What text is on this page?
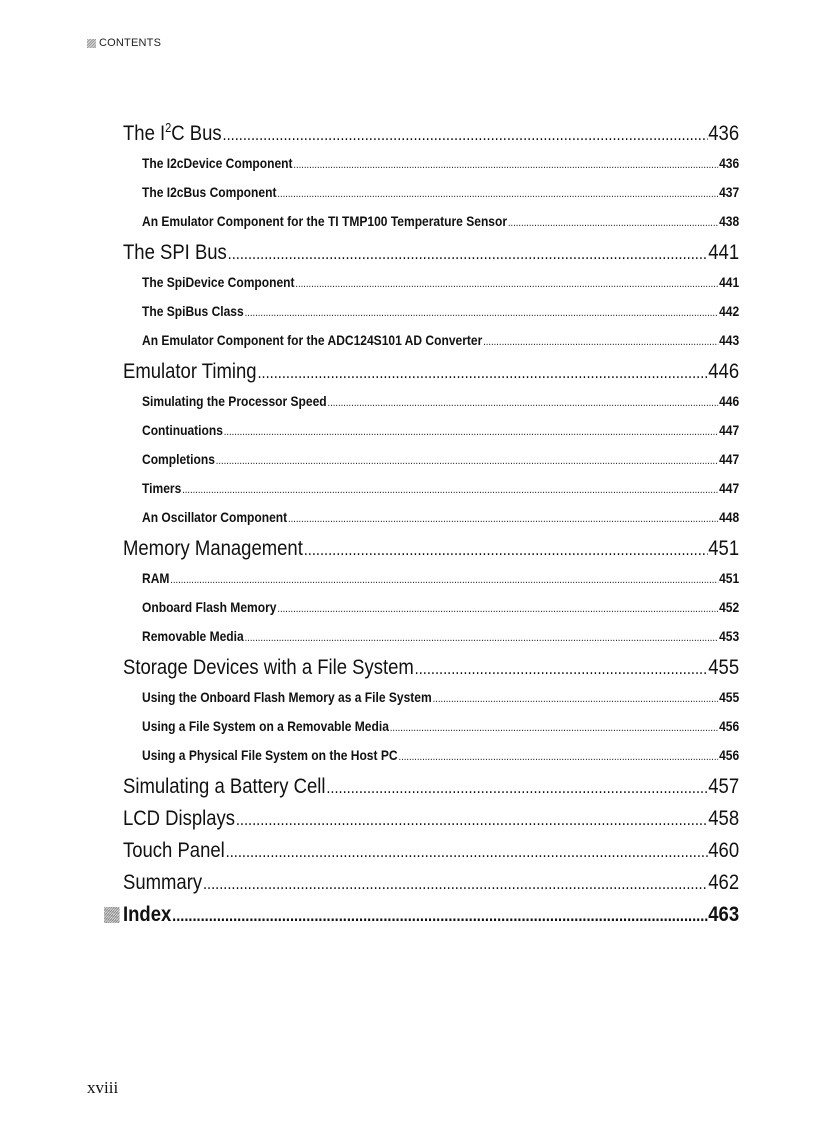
CONTENTS
The $I^2C$ Bus .....	436
The I2cDevice Component .....	436
The I2cBus Component .....	437
An Emulator Component for the TI TMP100 Temperature Sensor .....	438
The SPI Bus .....	441
The SpiDevice Component .....	441
The SpiBus Class .....	442
An Emulator Component for the ADC124S101 AD Converter .....	443
Emulator Timing .....	446
Simulating the Processor Speed .....	446
Continuations .....	447
Completions .....	447
Timers .....	447
An Oscillator Component .....	448
Memory Management .....	451
RAM .....	451
Onboard Flash Memory .....	452
Removable Media .....	453
Storage Devices with a File System .....	455
Using the Onboard Flash Memory as a File System .....	455
Using a File System on a Removable Media .....	456
Using a Physical File System on the Host PC .....	456
Simulating a Battery Cell .....	457
LCD Displays .....	458
Touch Panel .....	460
Summary .....	462
Index .....	463
xviii
